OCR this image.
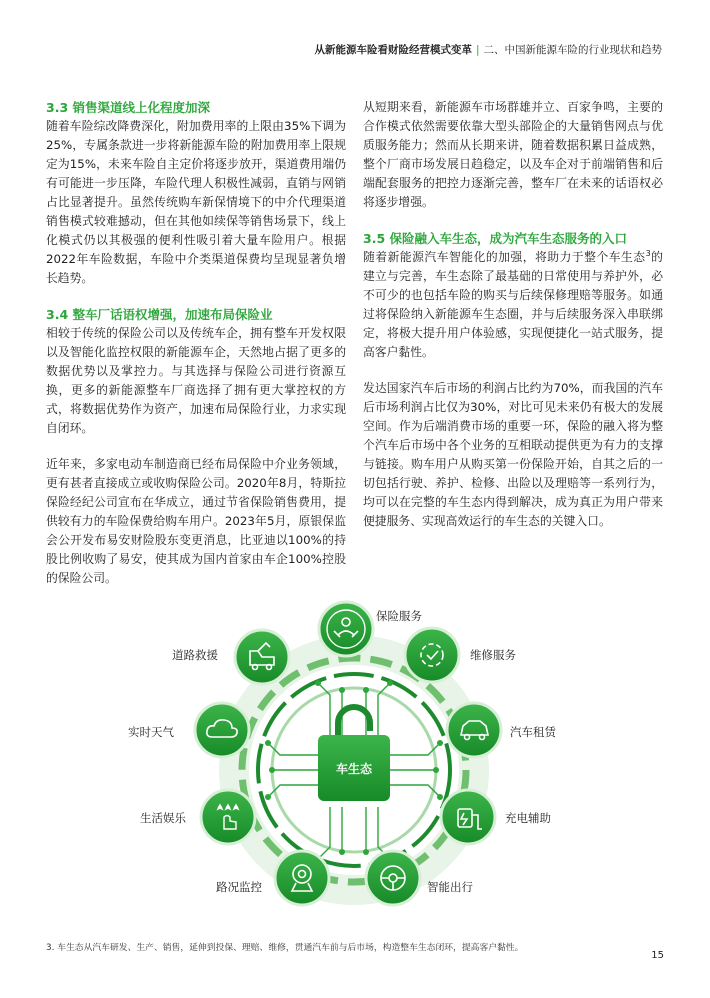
从新能源车险看财险经营模式变革 | 二、中国新能源车险的行业现状和趋势
3.3 销售渠道线上化程度加深

随着车险综改降费深化，附加费用率的上限由35%下调为25%，专属条款进一步将新能源车险的附加费用率上限规定为15%，未来车险自主定价将逐步放开，渠道费用端仍有可能进一步压降，车险代理人积极性减弱，直销与网销占比显著提升。虽然传统购车新保情境下的中介代理渠道销售模式较难撼动，但在其他如续保等销售场景下，线上化模式仍以其极强的便利性吸引着大量车险用户。根据2022年车险数据，车险中介类渠道保费均呈现显著负增长趋势。

3.4 整车厂话语权增强，加速布局保险业

相较于传统的保险公司以及传统车企，拥有整车开发权限以及智能化监控权限的新能源车企，天然地占据了更多的数据优势以及掌控力。与其选择与保险公司进行资源互换，更多的新能源整车厂商选择了拥有更大掌控权的方式，将数据优势作为资产，加速布局保险行业，力求实现自闭环。

近年来，多家电动车制造商已经布局保险中介业务领域，更有甚者直接成立或收购保险公司。2020年8月，特斯拉保险经纪公司宣布在华成立，通过节省保险销售费用，提供较有力的车险保费给购车用户。2023年5月，原银保监会公开发布易安财险股东变更消息，比亚迪以100%的持股比例收购了易安，使其成为国内首家由车企100%控股的保险公司。

从短期来看，新能源车市场群雄并立、百家争鸣，主要的合作模式依然需要依靠大型头部险企的大量销售网点与优质服务能力；然而从长期来讲，随着数据积累日益成熟，整个厂商市场发展日趋稳定，以及车企对于前端销售和后端配套服务的把控力逐渐完善，整车厂在未来的话语权必将逐步增强。

3.5 保险融入车生态，成为汽车生态服务的入口

随着新能源汽车智能化的加强，将助力于整个车生态$^3$的建立与完善，车生态除了最基础的日常使用与养护外，必不可少的也包括车险的购买与后续保修理赔等服务。如通过将保险纳入新能源车生态圈，并与后续服务深入串联绑定，将极大提升用户体验感，实现便捷化一站式服务，提高客户黏性。

发达国家汽车后市场的利润占比约为70%，而我国的汽车后市场利润占比仅为30%，对比可见未来仍有极大的发展空间。作为后端消费市场的重要一环，保险的融入将为整个汽车后市场中各个业务的互相联动提供更为有力的支撑与链接。购车用户从购买第一份保险开始，自其之后的一切包括行驶、养护、检修、出险以及理赔等一系列行为，均可以在完整的车生态内得到解决，成为真正为用户带来便捷服务、实现高效运行的车生态的关键入口。

车生态
保险服务
维修服务
汽车租赁
充电辅助
智能出行
路况监控
生活娱乐
实时天气
道路救援
3. 车生态从汽车研发、生产、销售，延伸到投保、理赔、维修，贯通汽车前与后市场，构造整车生态闭环，提高客户黏性。
15
